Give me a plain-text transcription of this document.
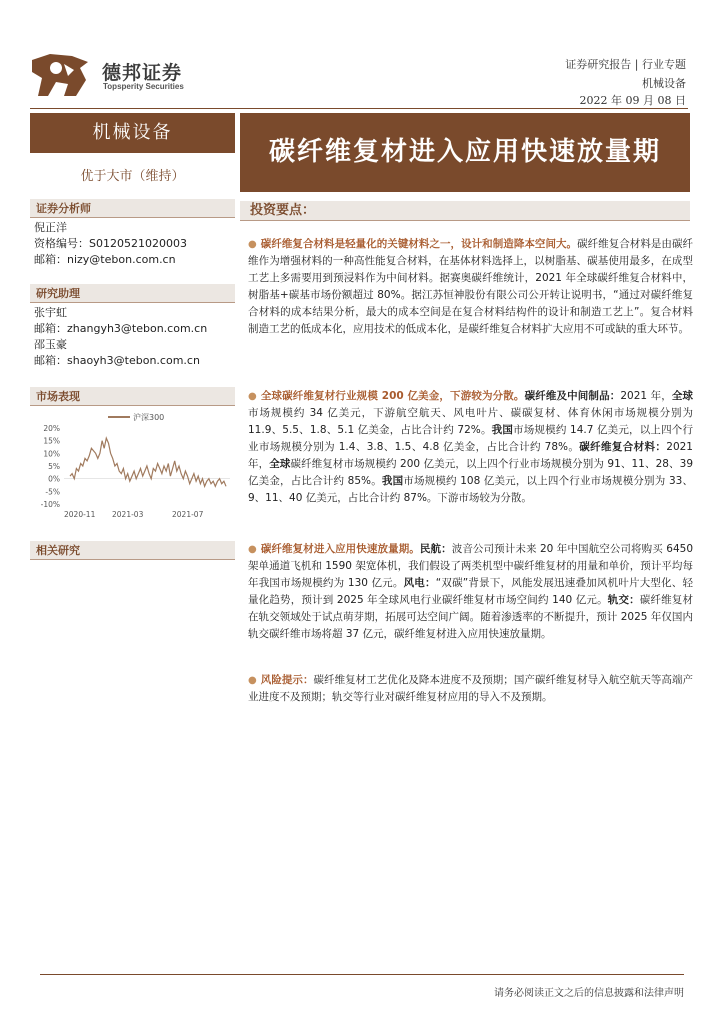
德邦证券
Topsperity Securities
证券研究报告 | 行业专题
机械设备
2022 年 09 月 08 日
机械设备
优于大市（维持）
碳纤维复材进入应用快速放量期
证券分析师
倪正洋
资格编号：S0120521020003
邮箱：nizy@tebon.com.cn
研究助理
张宇虹
邮箱：zhangyh3@tebon.com.cn
邵玉豪
邮箱：shaoyh3@tebon.com.cn
市场表现
沪深300
20%
15%
10%
5%
0%
-5%
-10%
2020-11 2021-03	2021-07
相关研究
投资要点：
● 碳纤维复合材料是轻量化的关键材料之一，设计和制造降本空间大。碳纤维复合材料是由碳纤维作为增强材料的一种高性能复合材料，在基体材料选择上，以树脂基、碳基使用最多，在成型工艺上多需要用到预浸料作为中间材料。据赛奥碳纤维统计，2021 年全球碳纤维复合材料中，树脂基+碳基市场份额超过 80%。据江苏恒神股份有限公司公开转让说明书，“通过对碳纤维复合材料的成本结果分析，最大的成本空间是在复合材料结构件的设计和制造工艺上”。复合材料制造工艺的低成本化，应用技术的低成本化，是碳纤维复合材料扩大应用不可或缺的重大环节。
● 全球碳纤维复材行业规模 200 亿美金，下游较为分散。碳纤维及中间制品：2021 年，全球市场规模约 34 亿美元，下游航空航天、风电叶片、碳碳复材、体育休闲市场规模分别为 11.9、5.5、1.8、5.1 亿美金，占比合计约 72%。我国市场规模约 14.7 亿美元，以上四个行业市场规模分别为 1.4、3.8、1.5、4.8 亿美金，占比合计约 78%。碳纤维复合材料：2021 年，全球碳纤维复材市场规模约 200 亿美元，以上四个行业市场规模分别为 91、11、28、39 亿美金，占比合计约 85%。我国市场规模约 108 亿美元，以上四个行业市场规模分别为 33、9、11、40 亿美元，占比合计约 87%。下游市场较为分散。
● 碳纤维复材进入应用快速放量期。民航：波音公司预计未来 20 年中国航空公司将购买 6450 架单通道飞机和 1590 架宽体机，我们假设了两类机型中碳纤维复材的用量和单价，预计平均每年我国市场规模约为 130 亿元。风电：“双碳”背景下，风能发展迅速叠加风机叶片大型化、轻量化趋势，预计到 2025 年全球风电行业碳纤维复材市场空间约 140 亿元。轨交：碳纤维复材在轨交领域处于试点萌芽期，拓展可达空间广阔。随着渗透率的不断提升，预计 2025 年仅国内轨交碳纤维市场将超 37 亿元，碳纤维复材进入应用快速放量期。
● 风险提示：碳纤维复材工艺优化及降本进度不及预期；国产碳纤维复材导入航空航天等高端产业进度不及预期；轨交等行业对碳纤维复材应用的导入不及预期。
请务必阅读正文之后的信息披露和法律声明
